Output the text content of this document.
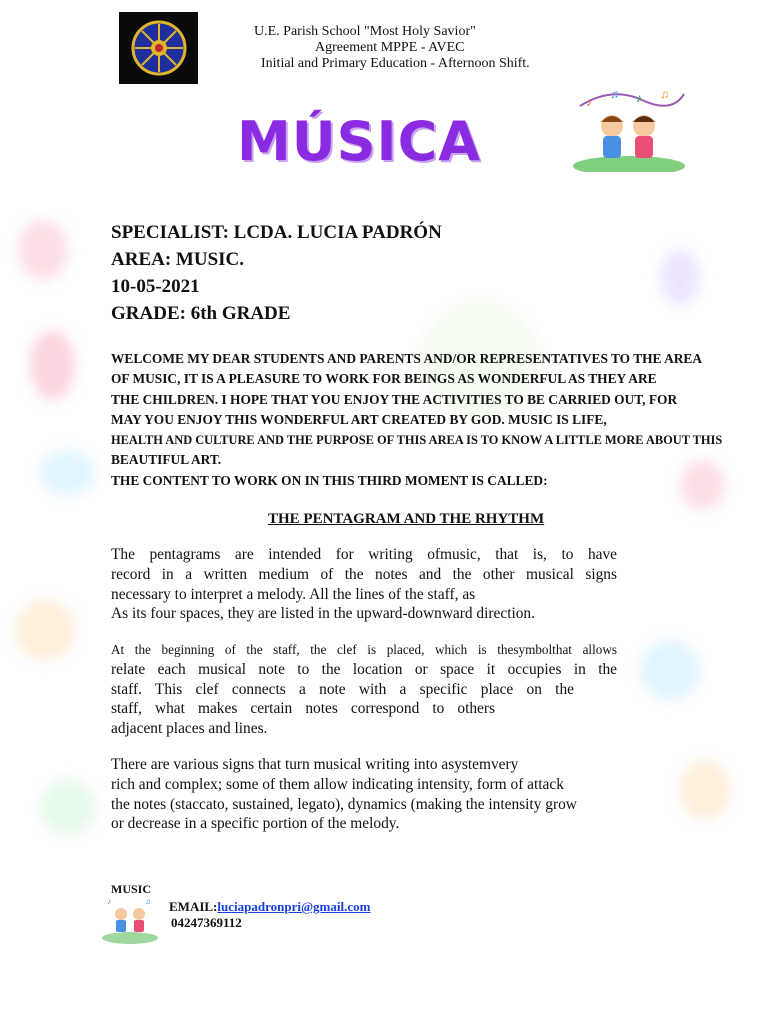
U.E. Parish School "Most Holy Savior"
Agreement MPPE - AVEC
Initial and Primary Education - Afternoon Shift.
MÚSICA
♪
♫ ♪ ♫
SPECIALIST: LCDA. LUCIA PADRÓN
AREA: MUSIC.
10-05-2021
GRADE: 6th GRADE
WELCOME MY DEAR STUDENTS AND PARENTS AND/OR REPRESENTATIVES TO THE AREA
OF MUSIC, IT IS A PLEASURE TO WORK FOR BEINGS AS WONDERFUL AS THEY ARE
THE CHILDREN. I HOPE THAT YOU ENJOY THE ACTIVITIES TO BE CARRIED OUT, FOR
MAY YOU ENJOY THIS WONDERFUL ART CREATED BY GOD. MUSIC IS LIFE,
HEALTH AND CULTURE AND THE PURPOSE OF THIS AREA IS TO KNOW A LITTLE MORE ABOUT THIS
BEAUTIFUL ART.
THE CONTENT TO WORK ON IN THIS THIRD MOMENT IS CALLED:
THE PENTAGRAM AND THE RHYTHM
The pentagrams are intended for writing ofmusic, that is, to have
record in a written medium of the notes and the other musical signs
necessary to interpret a melody. All the lines of the staff, as
As its four spaces, they are listed in the upward-downward direction.
At the beginning of the staff, the clef is placed, which is thesymbolthat allows
relate each musical note to the location or space it occupies in the
staff. This clef connects a note with a specific place on the
staff, what makes certain notes correspond to others
adjacent places and lines.
There are various signs that turn musical writing into asystemvery
rich and complex; some of them allow indicating intensity, form of attack
the notes (staccato, sustained, legato), dynamics (making the intensity grow
or decrease in a specific portion of the melody.
MUSIC
♪	♫ EMAIL:luciapadronpri@gmail.com
04247369112
